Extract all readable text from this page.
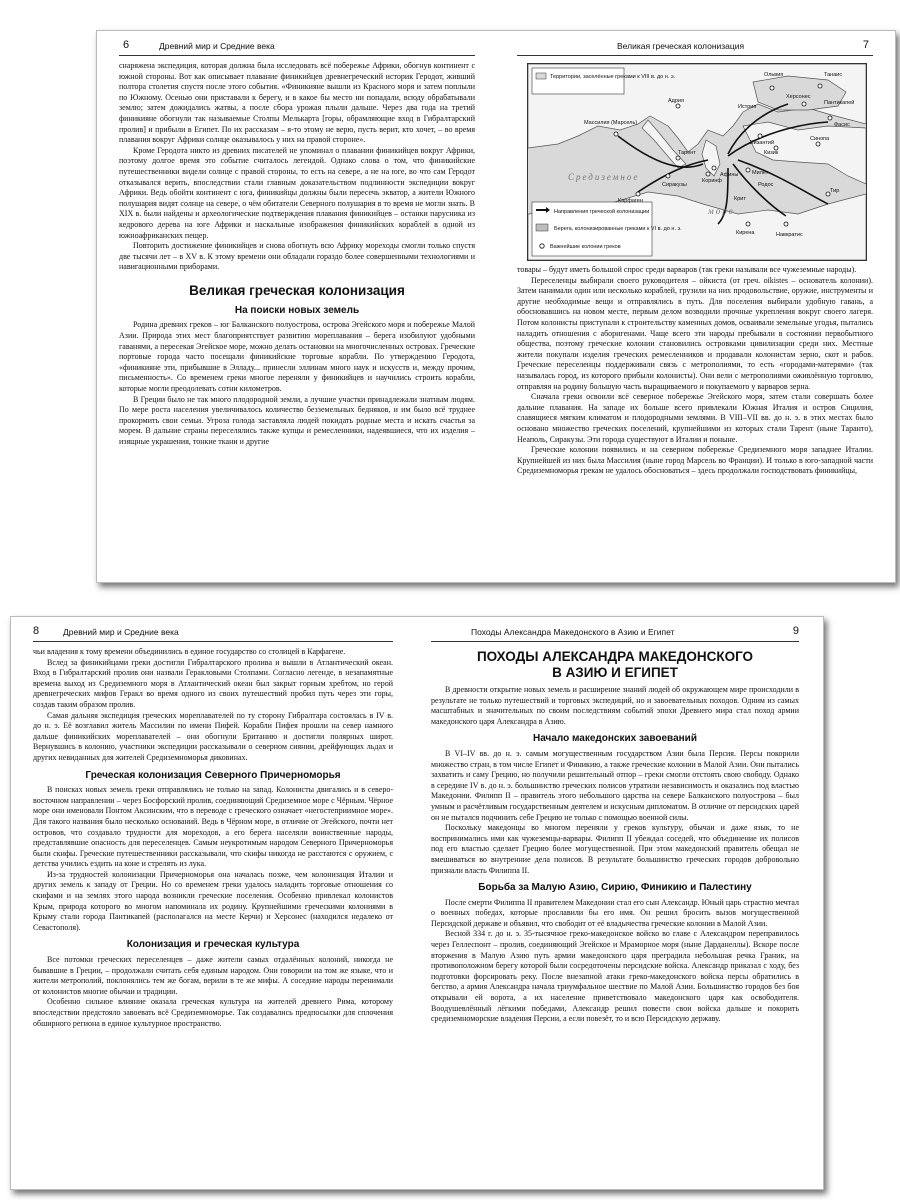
6	Древний мир и Средние века

снаряжена экспедиция, которая должна была исследовать всё побережье Африки, обогнув континент с южной стороны. Вот как описывает плавание финикийцев древнегреческий историк Геродот, живший полтора столетия спустя после этого события. «Финикияне вышли из Красного моря и затем поплыли по Южному. Осенью они приставали к берегу, и в какое бы место ни попадали, всюду обрабатывали землю; затем дожидались жатвы, а после сбора урожая плыли дальше. Через два года на третий финикияне обогнули так называемые Столпы Мелькарта [горы, обрамляющие вход в Гибралтарский пролив] и прибыли в Египет. По их рассказам – я-то этому не верю, пусть верит, кто хочет, – во время плавания вокруг Африки солнце оказывалось у них на правой стороне».

Кроме Геродота никто из древних писателей не упоминал о плавании финикийцев вокруг Африки, поэтому долгое время это событие считалось легендой. Однако слова о том, что финикийские путешественники видели солнце с правой стороны, то есть на севере, а не на юге, во что сам Геродот отказывался верить, впоследствии стали главным доказательством подлинности экспедиции вокруг Африки. Ведь обойти континент с юга, финикийцы должны были пересечь экватор, а жители Южного полушария видят солнце на севере, о чём обитатели Северного полушария в то время не могли знать. В XIX в. были найдены и археологические подтверждения плавания финикийцев – останки парусника из кедрового дерева на юге Африки и наскальные изображения финикийских кораблей в одной из южноафриканских пещер.

Повторить достижение финикийцев и снова обогнуть всю Африку мореходы смогли только спустя две тысячи лет – в XV в. К этому времени они обладали гораздо более совершенными технологиями и навигационными приборами.

Великая греческая колонизация
На поиски новых земель

Родина древних греков – юг Балканского полуострова, острова Эгейского моря и побережье Малой Азии. Природа этих мест благоприятствует развитию мореплавания – берега изобилуют удобными гаванями, а пересекая Эгейское море, можно делать остановки на многочисленных островах. Греческие портовые города часто посещали финикийские торговые корабли. По утверждению Геродота, «финикияне эти, прибывшие в Элладу... принесли эллинам много наук и искусств и, между прочим, письменность». Со временем греки многое переняли у финикийцев и научились строить корабли, которые могли преодолевать сотни километров.

В Греции было не так много плодородной земли, а лучшие участки принадлежали знатным людям. По мере роста населения увеличивалось количество безземельных бедняков, и им было всё труднее прокормить свои семьи. Угроза голода заставляла людей покидать родные места и искать счастья за морем. В дальние страны переселялись также купцы и ремесленники, надеявшиеся, что их изделия – изящные украшения, тонкие ткани и другие

Великая греческая колонизация	7
Территории, заселённые греками к VIII в. до н. э.
Направления греческой колонизации
Берега, колонизированные греками к VI в. до н. э.
Важнейшие колонии греков
Ольвия	Танаис
Херсонес
Фасис
Массилия (Марсель)
Адрия
Истрия
Пантикапей
Византий
Тарент
Афины
Коринф
Сиракузы
Карфаген
Милет
Кирена	Навкратис
Тир
Родос
Крит
Кизик
Синопа
Средиземное
море

товары – будут иметь большой спрос среди варваров (так греки называли все чужеземные народы).

Переселенцы выбирали своего руководителя – ойкиста (от греч. oikistes – основатель колонии). Затем нанимали один или несколько кораблей, грузили на них продовольствие, оружие, инструменты и другие необходимые вещи и отправлялись в путь. Для поселения выбирали удобную гавань, а обосновавшись на новом месте, первым делом возводили прочные укрепления вокруг своего лагеря. Потом колонисты приступали к строительству каменных домов, осваивали земельные угодья, пытались наладить отношения с аборигенами. Чаще всего эти народы пребывали в состоянии первобытного общества, поэтому греческие колонии становились островками цивилизации среди них. Местные жители покупали изделия греческих ремесленников и продавали колонистам зерно, скот и рабов. Греческие переселенцы поддерживали связь с метрополиями, то есть «городами-матерями» (так называлась город, из которого прибыли колонисты). Они вели с метрополиями оживлённую торговлю, отправляя на родину большую часть выращиваемого и покупаемого у варваров зерна.

Сначала греки освоили всё северное побережье Эгейского моря, затем стали совершать более дальние плавания. На западе их больше всего привлекали Южная Италия и остров Сицилия, славящиеся мягким климатом и плодородными землями. В VIII–VII вв. до н. э. в этих местах было основано множество греческих поселений, крупнейшими из которых стали Тарент (ныне Таранто), Неаполь, Сиракузы. Эти города существуют в Италии и поныне.

Греческие колонии появились и на северном побережье Средиземного моря западнее Италии. Крупнейшей из них была Массилия (ныне город Марсель во Франции). И только в юго-западной части Средиземноморья грекам не удалось обосноваться – здесь продолжали господствовать финикийцы,

8	Древний мир и Средние века

чьи владения к тому времени объединились в единое государство со столицей в Карфагене.

Вслед за финикийцами греки достигли Гибралтарского пролива и вышли в Атлантический океан. Вход в Гибралтарский пролив они назвали Геракловыми Столпами. Согласно легенде, в незапамятные времена выход из Средиземного моря в Атлантический океан был закрыт горным хребтом, но герой древнегреческих мифов Геракл во время одного из своих путешествий пробил путь через эти горы, создав таким образом пролив.

Самая дальняя экспедиция греческих мореплавателей по ту сторону Гибралтара состоялась в IV в. до н. э. Её возглавил житель Массилии по имени Пифей. Корабли Пифея прошли на север намного дальше финикийских мореплавателей – они обогнули Британию и достигли полярных широт. Вернувшись в колонию, участники экспедиции рассказывали о северном сиянии, дрейфующих льдах и других невиданных для жителей Средиземноморья диковинах.

Греческая колонизация Северного Причерноморья

В поисках новых земель греки отправлялись не только на запад. Колонисты двигались и в северо-восточном направлении – через Босфорский пролив, соединяющий Средиземное море с Чёрным. Чёрное море они именовали Понтом Аксинским, что в переводе с греческого означает «негостеприимное море». Для такого названия было несколько оснований. Ведь в Чёрном море, в отличие от Эгейского, почти нет островов, что создавало трудности для мореходов, а его берега населяли воинственные народы, представлявшие опасность для переселенцев. Самым неукротимым народом Северного Причерноморья были скифы. Греческие путешественники рассказывали, что скифы никогда не расстаются с оружием, с детства учились ездить на коне и стрелять из лука.

Из-за трудностей колонизации Причерноморья она началась позже, чем колонизация Италии и других земель к западу от Греции. Но со временем греки удалось наладить торговые отношения со скифами и на землях этого народа возникли греческие поселения. Особенно привлекал колонистов Крым, природа которого во многом напоминала их родину. Крупнейшими греческими колониями в Крыму стали города Пантикапей (располагался на месте Керчи) и Херсонес (находился недалеко от Севастополя).

Колонизация и греческая культура

Все потомки греческих переселенцев – даже жители самых отдалённых колоний, никогда не бывавшие в Греции, – продолжали считать себя единым народом. Они говорили на том же языке, что и жители метрополий, поклонялись тем же богам, верили в те же мифы. А соседние народы перенимали от колонистов многие обычаи и традиции.

Особенно сильное влияние оказала греческая культура на жителей древнего Рима, которому впоследствии предстояло завоевать всё Средиземноморье. Так создавались предпосылки для сплочения обширного региона в единое культурное пространство.

Походы Александра Македонского в Азию и Египет	9
ПОХОДЫ АЛЕКСАНДРА МАКЕДОНСКОГО
В АЗИЮ И ЕГИПЕТ

В древности открытие новых земель и расширение знаний людей об окружающем мире происходили в результате не только путешествий и торговых экспедиций, но и завоевательных походов. Одним из самых масштабных и значительных по своим последствиям событий эпохи Древнего мира стал поход армии македонского царя Александра в Азию.

Начало македонских завоеваний

В VI–IV вв. до н. э. самым могущественным государством Азии была Персия. Персы покорили множество стран, в том числе Египет и Финикию, а также греческие колонии в Малой Азии. Они пытались захватить и саму Грецию, но получили решительный отпор – греки смогли отстоять свою свободу. Однако в середине IV в. до н. э. большинство греческих полисов утратили независимость и оказались под властью Македонии. Филипп II – правитель этого небольшого царства на севере Балканского полуострова – был умным и расчётливым государственным деятелем и искусным дипломатом. В отличие от персидских царей он не пытался подчинить себе Грецию не только с помощью военной силы.

Поскольку македонцы во многом переняли у греков культуру, обычаи и даже язык, то не воспринимались ими как чужеземцы-варвары. Филипп II убеждал соседей, что объединение их полисов под его властью сделает Грецию более могущественной. При этом македонский правитель обещал не вмешиваться во внутренние дела полисов. В результате большинство греческих городов добровольно признали власть Филиппа II.

Борьба за Малую Азию, Сирию, Финикию и Палестину

После смерти Филиппа II правителем Македонии стал его сын Александр. Юный царь страстно мечтал о военных победах, которые прославили бы его имя. Он решил бросить вызов могущественной Персидской державе и объявил, что свободит от её владычества греческие колонии в Малой Азии.

Весной 334 г. до н. э. 35-тысячное греко-македонское войско во главе с Александром переправилось через Геллеспонт – пролив, соединяющий Эгейское и Мраморное моря (ныне Дарданеллы). Вскоре после вторжения в Малую Азию путь армии македонского царя преградила небольшая речка Граник, на противоположном берегу которой были сосредоточены персидские войска. Александр приказал с ходу, без подготовки форсировать реку. После внезапной атаки греко-македонского войска персы обратились в бегство, а армия Александра начала триумфальное шествие по Малой Азии. Большинство городов без боя открывали ей ворота, а их население приветствовало македонского царя как освободителя. Воодушевлённый лёгкими победами, Александр решил повести свои войска дальше и покорить средиземноморские владения Персии, а если повезёт, то и всю Персидскую державу.
